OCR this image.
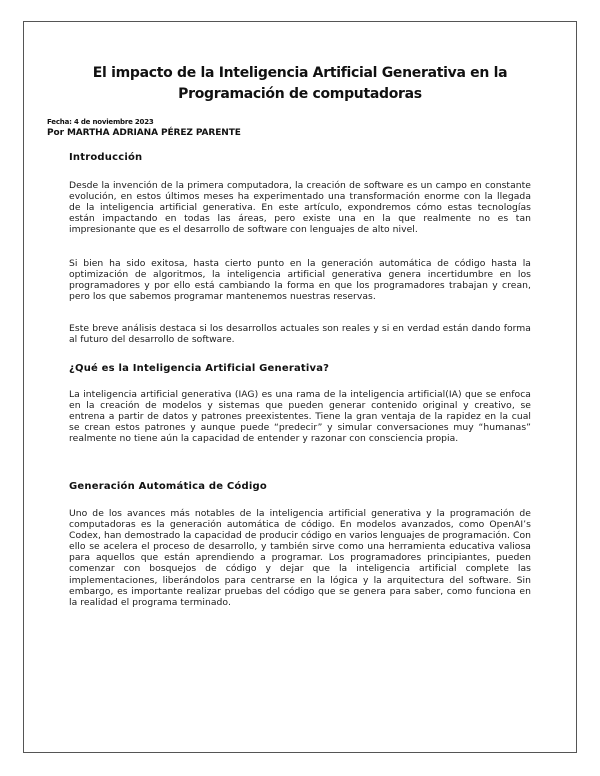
El impacto de la Inteligencia Artificial Generativa en la Programación de computadoras
Fecha: 4 de noviembre 2023
Por MARTHA ADRIANA PÉREZ PARENTE
Introducción

Desde la invención de la primera computadora, la creación de software es un campo en constante evolución, en estos últimos meses ha experimentado una transformación enorme con la llegada de la inteligencia artificial generativa. En este artículo, expondremos cómo estas tecnologías están impactando en todas las áreas, pero existe una en la que realmente no es tan impresionante que es el desarrollo de software con lenguajes de alto nivel.

Si bien ha sido exitosa, hasta cierto punto en la generación automática de código hasta la optimización de algoritmos, la inteligencia artificial generativa genera incertidumbre en los programadores y por ello está cambiando la forma en que los programadores trabajan y crean, pero los que sabemos programar mantenemos nuestras reservas.

Este breve análisis destaca si los desarrollos actuales son reales y si en verdad están dando forma al futuro del desarrollo de software.

¿Qué es la Inteligencia Artificial Generativa?

La inteligencia artificial generativa (IAG) es una rama de la inteligencia artificial(IA) que se enfoca en la creación de modelos y sistemas que pueden generar contenido original y creativo, se entrena a partir de datos y patrones preexistentes. Tiene la gran ventaja de la rapidez en la cual se crean estos patrones y aunque puede “predecir” y simular conversaciones muy “humanas” realmente no tiene aún la capacidad de entender y razonar con consciencia propia.

Generación Automática de Código

Uno de los avances más notables de la inteligencia artificial generativa y la programación de computadoras es la generación automática de código. En modelos avanzados, como OpenAI’s Codex, han demostrado la capacidad de producir código en varios lenguajes de programación. Con ello se acelera el proceso de desarrollo, y también sirve como una herramienta educativa valiosa para aquellos que están aprendiendo a programar. Los programadores principiantes, pueden comenzar con bosquejos de código y dejar que la inteligencia artificial complete las implementaciones, liberándolos para centrarse en la lógica y la arquitectura del software. Sin embargo, es importante realizar pruebas del código que se genera para saber, como funciona en la realidad el programa terminado.
